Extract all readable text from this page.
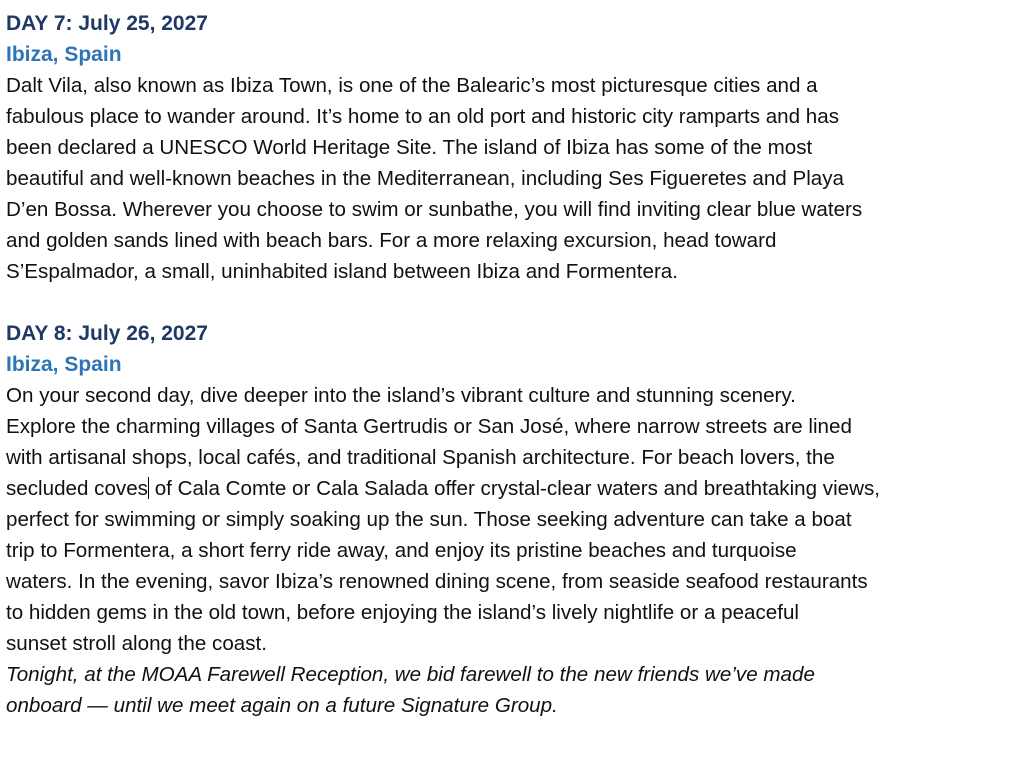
DAY 7: July 25, 2027
Ibiza, Spain
Dalt Vila, also known as Ibiza Town, is one of the Balearic’s most picturesque cities and a
fabulous place to wander around. It’s home to an old port and historic city ramparts and has
been declared a UNESCO World Heritage Site. The island of Ibiza has some of the most
beautiful and well-known beaches in the Mediterranean, including Ses Figueretes and Playa
D’en Bossa. Wherever you choose to swim or sunbathe, you will find inviting clear blue waters
and golden sands lined with beach bars. For a more relaxing excursion, head toward
S’Espalmador, a small, uninhabited island between Ibiza and Formentera.
DAY 8: July 26, 2027
Ibiza, Spain
On your second day, dive deeper into the island’s vibrant culture and stunning scenery.
Explore the charming villages of Santa Gertrudis or San José, where narrow streets are lined
with artisanal shops, local cafés, and traditional Spanish architecture. For beach lovers, the
secluded coves of Cala Comte or Cala Salada offer crystal-clear waters and breathtaking views,
perfect for swimming or simply soaking up the sun. Those seeking adventure can take a boat
trip to Formentera, a short ferry ride away, and enjoy its pristine beaches and turquoise
waters. In the evening, savor Ibiza’s renowned dining scene, from seaside seafood restaurants
to hidden gems in the old town, before enjoying the island’s lively nightlife or a peaceful
sunset stroll along the coast.
Tonight, at the MOAA Farewell Reception, we bid farewell to the new friends we’ve made
onboard — until we meet again on a future Signature Group.
